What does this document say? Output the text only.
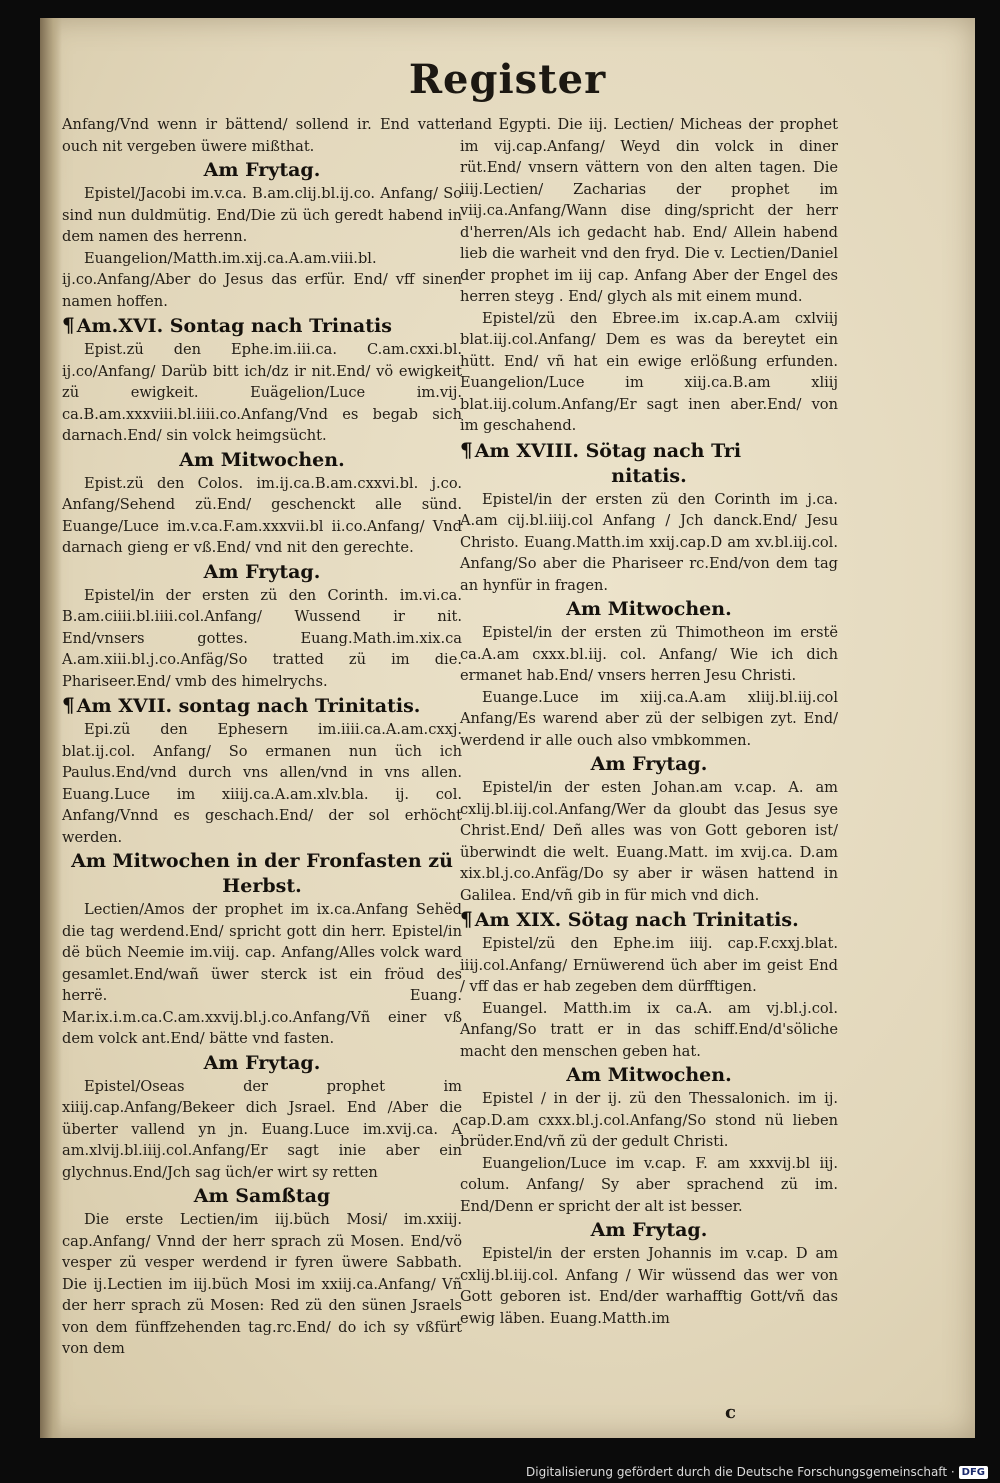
Register

Anfang/Vnd wenn ir bättend/ sollend ir. End vatter ouch nit vergeben üwere mißthat.

Am Frytag.

Epistel/Jacobi im.v.ca. B.am.clij.bl.ij.co. Anfang/ So sind nun duldmütig. End/Die zü üch geredt habend in dem namen des herrenn.

Euangelion/Matth.im.xij.ca.A.am.viii.bl. ij.co.Anfang/Aber do Jesus das erfür. End/ vff sinen namen hoffen.

¶ Am.XVI. Sontag nach Trinatis

Epist.zü den Ephe.im.iii.ca. C.am.cxxi.bl. ij.co/Anfang/ Darüb bitt ich/dz ir nit.End/ vö ewigkeit zü ewigkeit. Euägelion/Luce im.vij. ca.B.am.xxxviii.bl.iiii.co.Anfang/Vnd es begab sich darnach.End/ sin volck heimgsücht.

Am Mitwochen.

Epist.zü den Colos. im.ij.ca.B.am.cxxvi.bl. j.co. Anfang/Sehend zü.End/ geschenckt alle sünd. Euange/Luce im.v.ca.F.am.xxxvii.bl ii.co.Anfang/ Vnd darnach gieng er vß.End/ vnd nit den gerechte.

Am Frytag.

Epistel/in der ersten zü den Corinth. im.vi.ca. B.am.ciiii.bl.iiii.col.Anfang/ Wussend ir nit. End/vnsers gottes. Euang.Math.im.xix.ca A.am.xiii.bl.j.co.Anfäg/So tratted zü im die. Phariseer.End/ vmb des himelrychs.

¶ Am XVII. sontag nach Trinitatis.

Epi.zü den Ephesern im.iiii.ca.A.am.cxxj. blat.ij.col. Anfang/ So ermanen nun üch ich Paulus.End/vnd durch vns allen/vnd in vns allen. Euang.Luce im xiiij.ca.A.am.xlv.bla. ij. col. Anfang/Vnnd es geschach.End/ der sol erhöcht werden.

Am Mitwochen in der Fronfasten zü Herbst.

Lectien/Amos der prophet im ix.ca.Anfang Sehëd die tag werdend.End/ spricht gott din herr. Epistel/in dë büch Neemie im.viij. cap. Anfang/Alles volck ward gesamlet.End/wañ üwer sterck ist ein fröud des herrë. Euang. Mar.ix.i.m.ca.C.am.xxvij.bl.j.co.Anfang/Vñ einer vß dem volck ant.End/ bätte vnd fasten.

Am Frytag.

Epistel/Oseas der prophet im xiiij.cap.Anfang/Bekeer dich Jsrael. End /Aber die überter vallend yn jn. Euang.Luce im.xvij.ca. A am.xlvij.bl.iiij.col.Anfang/Er sagt inie aber ein glychnus.End/Jch sag üch/er wirt sy retten

Am Samßtag

Die erste Lectien/im iij.büch Mosi/ im.xxiij. cap.Anfang/ Vnnd der herr sprach zü Mosen. End/vö vesper zü vesper werdend ir fyren üwere Sabbath. Die ij.Lectien im iij.büch Mosi im xxiij.ca.Anfang/ Vñ der herr sprach zü Mosen: Red zü den sünen Jsraels von dem fünffzehenden tag.rc.End/ do ich sy vßfürt von dem

land Egypti. Die iij. Lectien/ Micheas der prophet im vij.cap.Anfang/ Weyd din volck in diner rüt.End/ vnsern vättern von den alten tagen. Die iiij.Lectien/ Zacharias der prophet im viij.ca.Anfang/Wann dise ding/spricht der herr d'herren/Als ich gedacht hab. End/ Allein habend lieb die warheit vnd den fryd. Die v. Lectien/Daniel der prophet im iij cap. Anfang Aber der Engel des herren steyg . End/ glych als mit einem mund.

Epistel/zü den Ebree.im ix.cap.A.am cxlviij blat.iij.col.Anfang/ Dem es was da bereytet ein hütt. End/ vñ hat ein ewige erlößung erfunden. Euangelion/Luce im xiij.ca.B.am xliij blat.iij.colum.Anfang/Er sagt inen aber.End/ von im geschahend.

¶ Am XVIII. Sötag nach Tri
nitatis.

Epistel/in der ersten zü den Corinth im j.ca. A.am cij.bl.iiij.col Anfang / Jch danck.End/ Jesu Christo. Euang.Matth.im xxij.cap.D am xv.bl.iij.col. Anfang/So aber die Phariseer rc.End/von dem tag an hynfür in fragen.

Am Mitwochen.

Epistel/in der ersten zü Thimotheon im erstë ca.A.am cxxx.bl.iij. col. Anfang/ Wie ich dich ermanet hab.End/ vnsers herren Jesu Christi.

Euange.Luce im xiij.ca.A.am xliij.bl.iij.col Anfang/Es warend aber zü der selbigen zyt. End/ werdend ir alle ouch also vmbkommen.

Am Frytag.

Epistel/in der esten Johan.am v.cap. A. am cxlij.bl.iij.col.Anfang/Wer da gloubt das Jesus sye Christ.End/ Deñ alles was von Gott geboren ist/überwindt die welt. Euang.Matt. im xvij.ca. D.am xix.bl.j.co.Anfäg/Do sy aber ir wäsen hattend in Galilea. End/vñ gib in für mich vnd dich.

¶ Am XIX. Sötag nach Trinitatis.

Epistel/zü den Ephe.im iiij. cap.F.cxxj.blat. iiij.col.Anfang/ Ernüwerend üch aber im geist End / vff das er hab zegeben dem dürfftigen.

Euangel. Matth.im ix ca.A. am vj.bl.j.col. Anfang/So tratt er in das schiff.End/d'söliche macht den menschen geben hat.

Am Mitwochen.

Epistel / in der ij. zü den Thessalonich. im ij. cap.D.am cxxx.bl.j.col.Anfang/So stond nü lieben brüder.End/vñ zü der gedult Christi.

Euangelion/Luce im v.cap. F. am xxxvij.bl iij. colum. Anfang/ Sy aber sprachend zü im. End/Denn er spricht der alt ist besser.

Am Frytag.

Epistel/in der ersten Johannis im v.cap. D am cxlij.bl.iij.col. Anfang / Wir wüssend das wer von Gott geboren ist. End/der warhafftig Gott/vñ das ewig läben. Euang.Matth.im

c
Digitalisierung gefördert durch die Deutsche Forschungsgemeinschaft · DFG
